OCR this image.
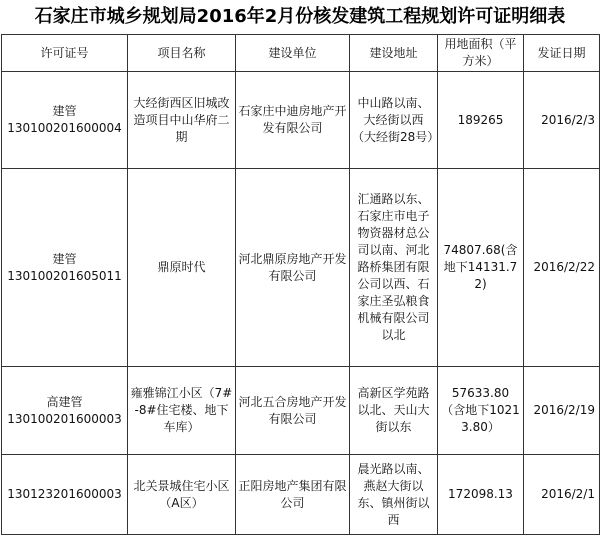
石家庄市城乡规划局2016年2月份核发建筑工程规划许可证明细表
许可证号	项目名称	建设单位	建设地址	用地面积（平方米）	发证日期

建管
130100201600004	大经街西区旧城改造项目中山华府二期	石家庄中迪房地产开发有限公司	中山路以南、大经街以西（大经街28号）	189265	2016/2/3

建管
130100201605011	鼎原时代	河北鼎原房地产开发有限公司	汇通路以东、石家庄市电子物资器材总公司以南、河北路桥集团有限公司以西、石家庄圣弘粮食机械有限公司以北	74807.68(含地下14131.72)	2016/2/22

高建管
130100201600003	雍雅锦江小区（7#-8#住宅楼、地下车库）	河北五合房地产开发有限公司	高新区学苑路以北、天山大街以东	57633.80（含地下10213.80）	2016/2/19

130123201600003	北关景城住宅小区（A区）	正阳房地产集团有限公司	晨光路以南、燕赵大街以东、镇州街以西	172098.13	2016/2/1
